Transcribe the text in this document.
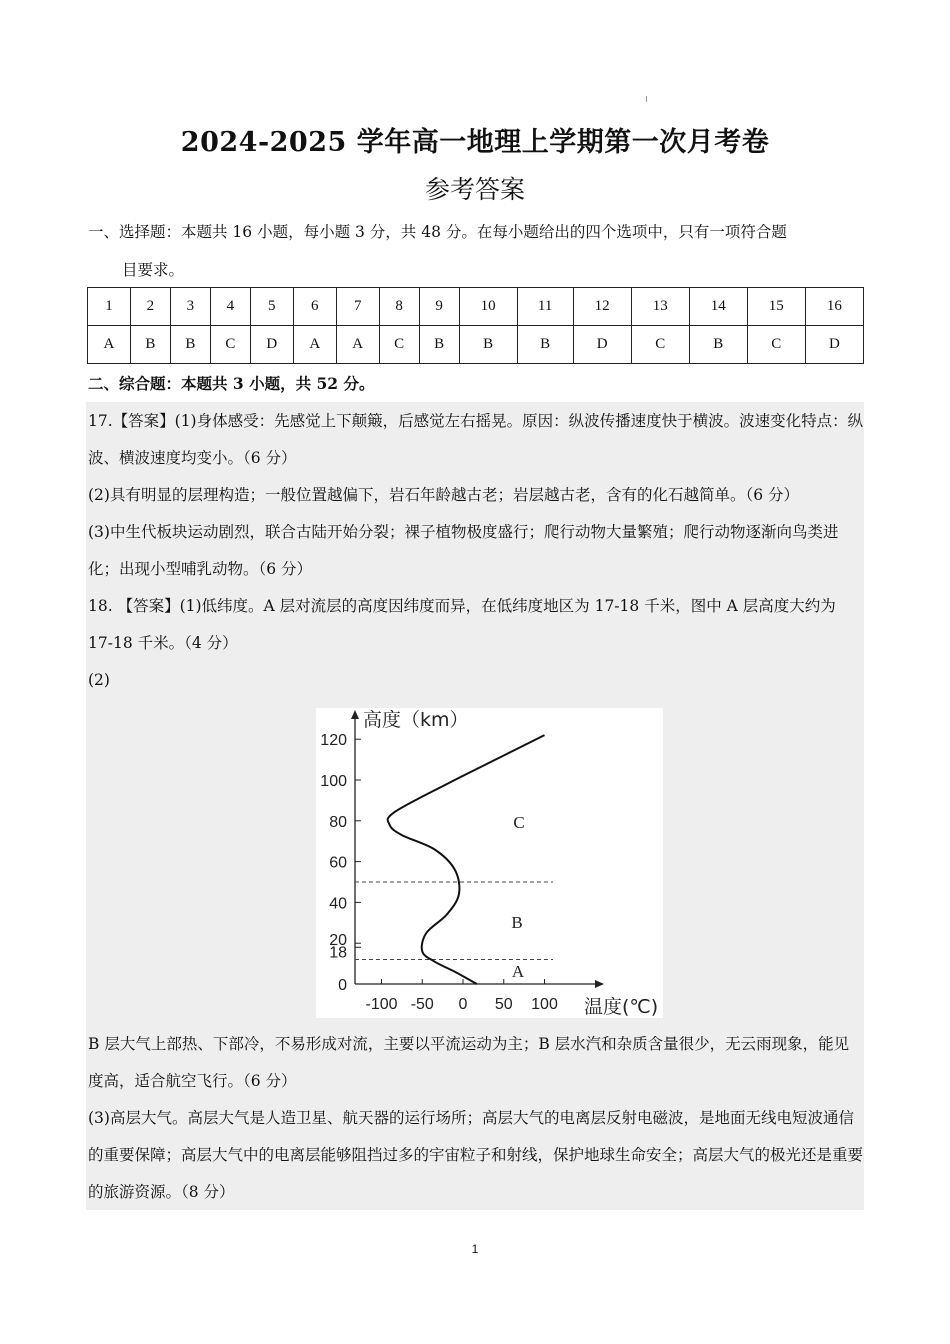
2024-2025 学年高一地理上学期第一次月考卷
参考答案
一、选择题：本题共 16 小题，每小题 3 分，共 48 分。在每小题给出的四个选项中，只有一项符合题
目要求。
1	2	3	4	5	6	7	8	9	10	11	12	13	14	15	16
A	B	B	C	D	A	A	C	B	B	B	D	C	B	C	D
二、综合题：本题共 3 小题，共 52 分。
17.【答案】(1)身体感受：先感觉上下颠簸，后感觉左右摇晃。原因：纵波传播速度快于横波。波速变化特点：纵波、横波速度均变小。（6 分）
(2)具有明显的层理构造；一般位置越偏下，岩石年龄越古老；岩层越古老，含有的化石越简单。（6 分）
(3)中生代板块运动剧烈，联合古陆开始分裂；裸子植物极度盛行；爬行动物大量繁殖；爬行动物逐渐向鸟类进化；出现小型哺乳动物。（6 分）
18. 【答案】(1)低纬度。A 层对流层的高度因纬度而异，在低纬度地区为 17-18 千米，图中 A 层高度大约为 17-18 千米。（4 分）
(2)
高度（km）
温度(℃)
0
18
20
40
60
80
100
120
-100 -50 0 50 100
A
B
C
B 层大气上部热、下部冷，不易形成对流，主要以平流运动为主；B 层水汽和杂质含量很少，无云雨现象，能见度高，适合航空飞行。（6 分）
(3)高层大气。高层大气是人造卫星、航天器的运行场所；高层大气的电离层反射电磁波，是地面无线电短波通信的重要保障；高层大气中的电离层能够阻挡过多的宇宙粒子和射线，保护地球生命安全；高层大气的极光还是重要的旅游资源。（8 分）
1
